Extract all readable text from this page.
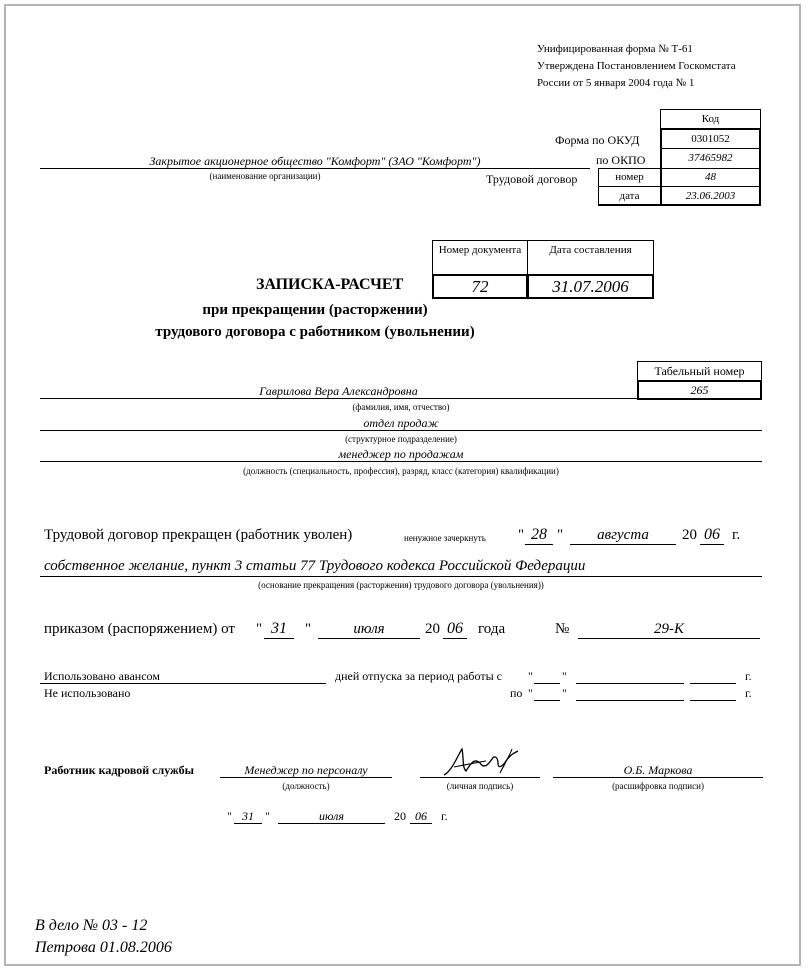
Унифицированная форма № Т-61
Утверждена Постановлением Госкомстата
России от 5 января 2004 года № 1
Код
0301052
37465982
номер	48
дата	23.06.2003
Форма по ОКУД
по ОКПО
Трудовой договор
Закрытое акционерное общество "Комфорт" (ЗАО "Комфорт")
(наименование организации)
Номер документа	Дата составления
72	31.07.2006
ЗАПИСКА-РАСЧЕТ
при прекращении (расторжении)
трудового договора с работником (увольнении)
Табельный номер
265
Гаврилова Вера Александровна
(фамилия, имя, отчество)
отдел продаж
(структурное подразделение)
менеджер по продажам
(должность (специальность, профессия), разряд, класс (категория) квалификации)
Трудовой договор прекращен (работник уволен)	ненужное зачеркнуть " 28 "	августа	20 06 г.
собственное желание, пункт 3 статьи 77 Трудового кодекса Российской Федерации
(основание прекращения (расторжения) трудового договора (увольнения))
приказом (распоряжением) от " 31	"	июля	20 06 года	№	29-К
Использовано авансом
Не использовано
дней отпуска за период работы с " "	г.
по " "	г.
Работник кадровой службы	Менеджер по персоналу
(должность)	(личная подпись)
О.Б. Маркова
(расшифровка подписи)
" 31 "	июля	20 06	г.
В дело № 03 - 12
Петрова 01.08.2006
